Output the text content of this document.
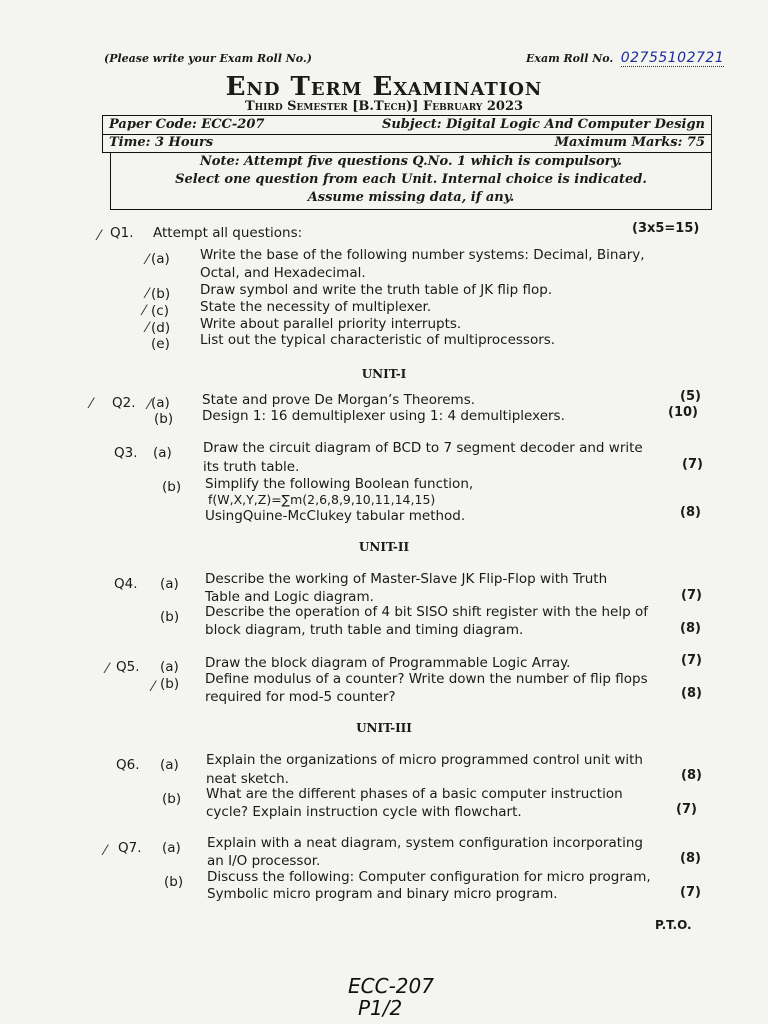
(Please write your Exam Roll No.)	Exam Roll No. 02755102721
End Term Examination
Third Semester [B.Tech)] February 2023
Paper Code: ECC-207	Subject: Digital Logic And Computer Design
Time: 3 Hours	Maximum Marks: 75
Note: Attempt five questions Q.No. 1 which is compulsory.
Select one question from each Unit. Internal choice is indicated.
Assume missing data, if any.
⁄ Q1. Attempt all questions:	(3x5=15)
(a) Write the base of the following number systems: Decimal, Binary,
Octal, and Hexadecimal.
(b) Draw symbol and write the truth table of JK flip flop.
(c) State the necessity of multiplexer.
(d) Write about parallel priority interrupts.
(e) List out the typical characteristic of multiprocessors.
UNIT-I
Q2. (a) State and prove De Morgan’s Theorems.	(5)
(b) Design 1: 16 demultiplexer using 1: 4 demultiplexers.	(10)
Q3. (a) Draw the circuit diagram of BCD to 7 segment decoder and write
its truth table.	(7)
(b) Simplify the following Boolean function,
f(W,X,Y,Z)=∑m(2,6,8,9,10,11,14,15)
UsingQuine-McClukey tabular method.	(8)
UNIT-II
Q4. (a) Describe the working of Master-Slave JK Flip-Flop with Truth
Table and Logic diagram.	(7)
(b) Describe the operation of 4 bit SISO shift register with the help of
block diagram, truth table and timing diagram.	(8)
Q5. (a) Draw the block diagram of Programmable Logic Array.	(7)
(b) Define modulus of a counter? Write down the number of flip flops
required for mod-5 counter?	(8)
UNIT-III
Q6. (a) Explain the organizations of micro programmed control unit with
neat sketch.	(8)
(b) What are the different phases of a basic computer instruction
cycle? Explain instruction cycle with flowchart.	(7)
Q7. (a) Explain with a neat diagram, system configuration incorporating
an I/O processor.	(8)
(b) Discuss the following: Computer configuration for micro program,
Symbolic micro program and binary micro program.	(7)
P.T.O.
ECC-207
P1/2
⁄
⁄
⁄
⁄
⁄	⁄
⁄
⁄
⁄
